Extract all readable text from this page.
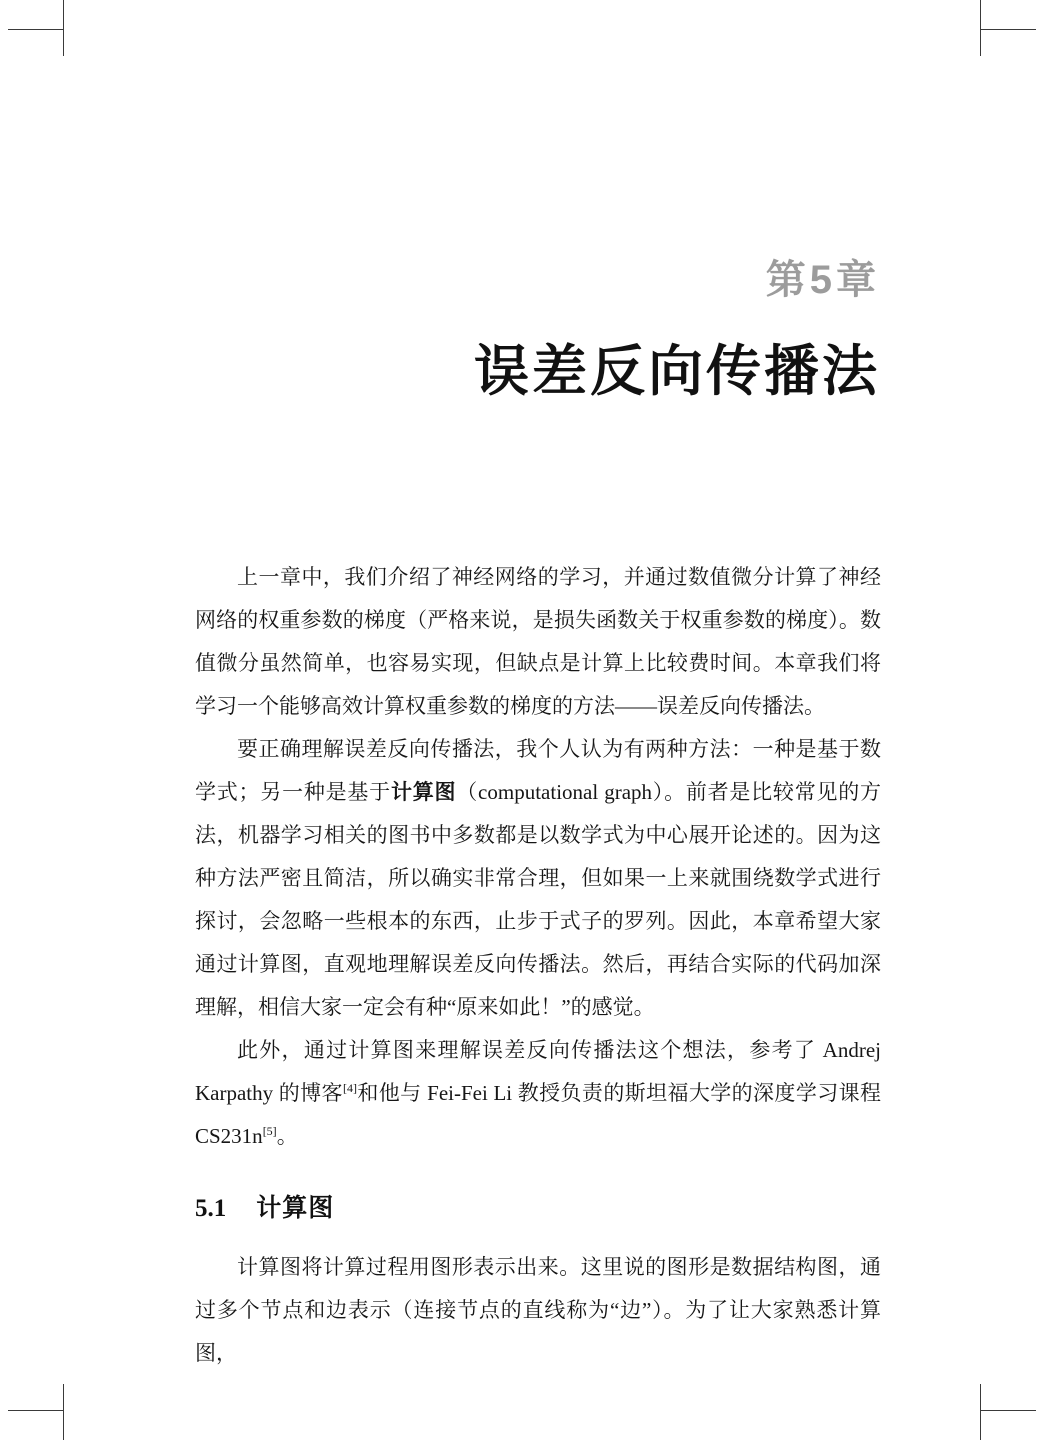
第5章
误差反向传播法

上一章中，我们介绍了神经网络的学习，并通过数值微分计算了神经网络的权重参数的梯度（严格来说，是损失函数关于权重参数的梯度）。数值微分虽然简单，也容易实现，但缺点是计算上比较费时间。本章我们将学习一个能够高效计算权重参数的梯度的方法——误差反向传播法。

要正确理解误差反向传播法，我个人认为有两种方法：一种是基于数学式；另一种是基于计算图（computational graph）。前者是比较常见的方法，机器学习相关的图书中多数都是以数学式为中心展开论述的。因为这种方法严密且简洁，所以确实非常合理，但如果一上来就围绕数学式进行探讨，会忽略一些根本的东西，止步于式子的罗列。因此，本章希望大家通过计算图，直观地理解误差反向传播法。然后，再结合实际的代码加深理解，相信大家一定会有种“原来如此！”的感觉。

此外，通过计算图来理解误差反向传播法这个想法，参考了 Andrej Karpathy 的博客[4]和他与 Fei-Fei Li 教授负责的斯坦福大学的深度学习课程 CS231n[5]。

5.1 计算图

计算图将计算过程用图形表示出来。这里说的图形是数据结构图，通过多个节点和边表示（连接节点的直线称为“边”）。为了让大家熟悉计算图，
